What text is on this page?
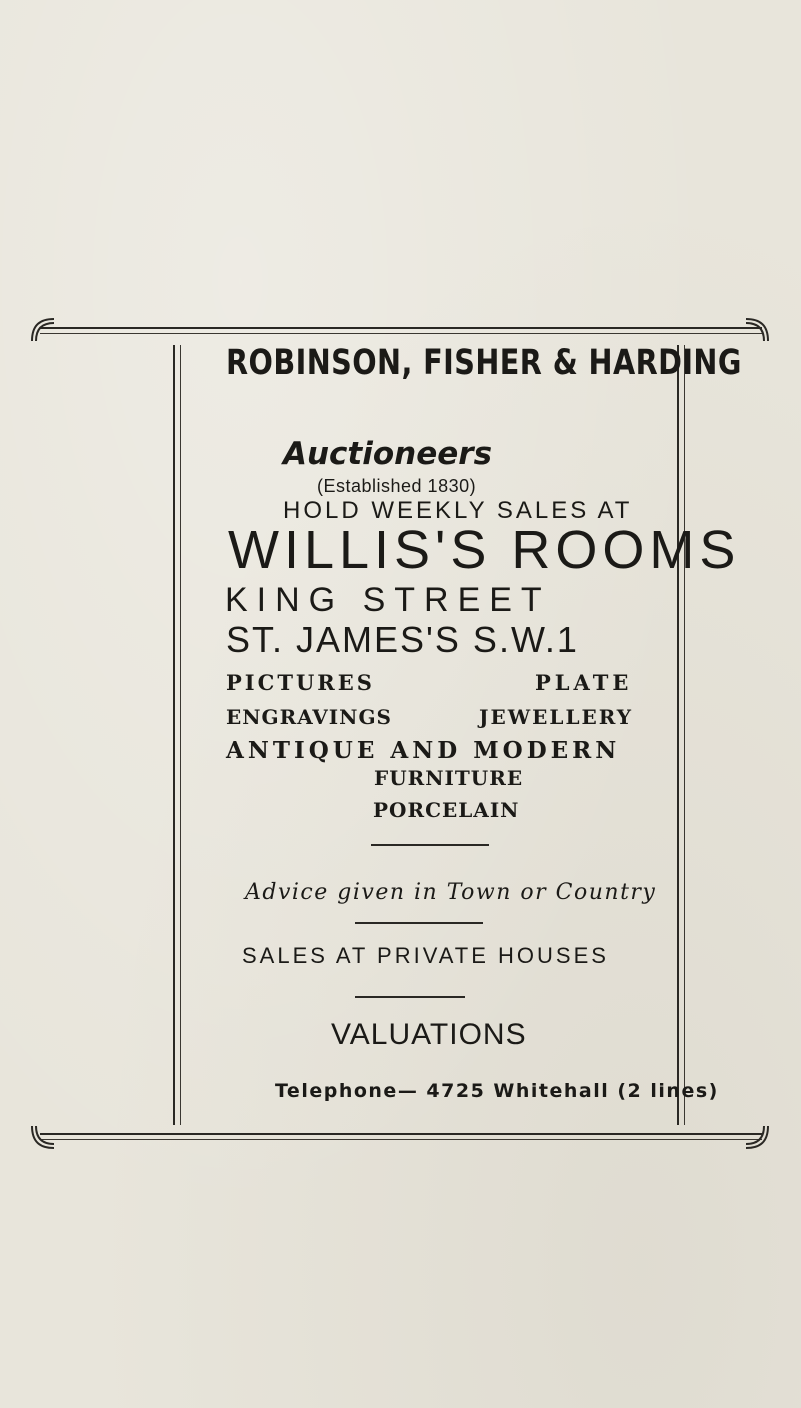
ROBINSON, FISHER & HARDING
Auctioneers
(Established 1830)
HOLD WEEKLY SALES AT
WILLIS'S ROOMS
KING STREET
ST. JAMES'S S.W.1
PICTURES	PLATE
ENGRAVINGS	JEWELLERY
ANTIQUE AND MODERN
FURNITURE
PORCELAIN
Advice given in Town or Country
SALES AT PRIVATE HOUSES
VALUATIONS
Telephone— 4725 Whitehall (2 lines)
